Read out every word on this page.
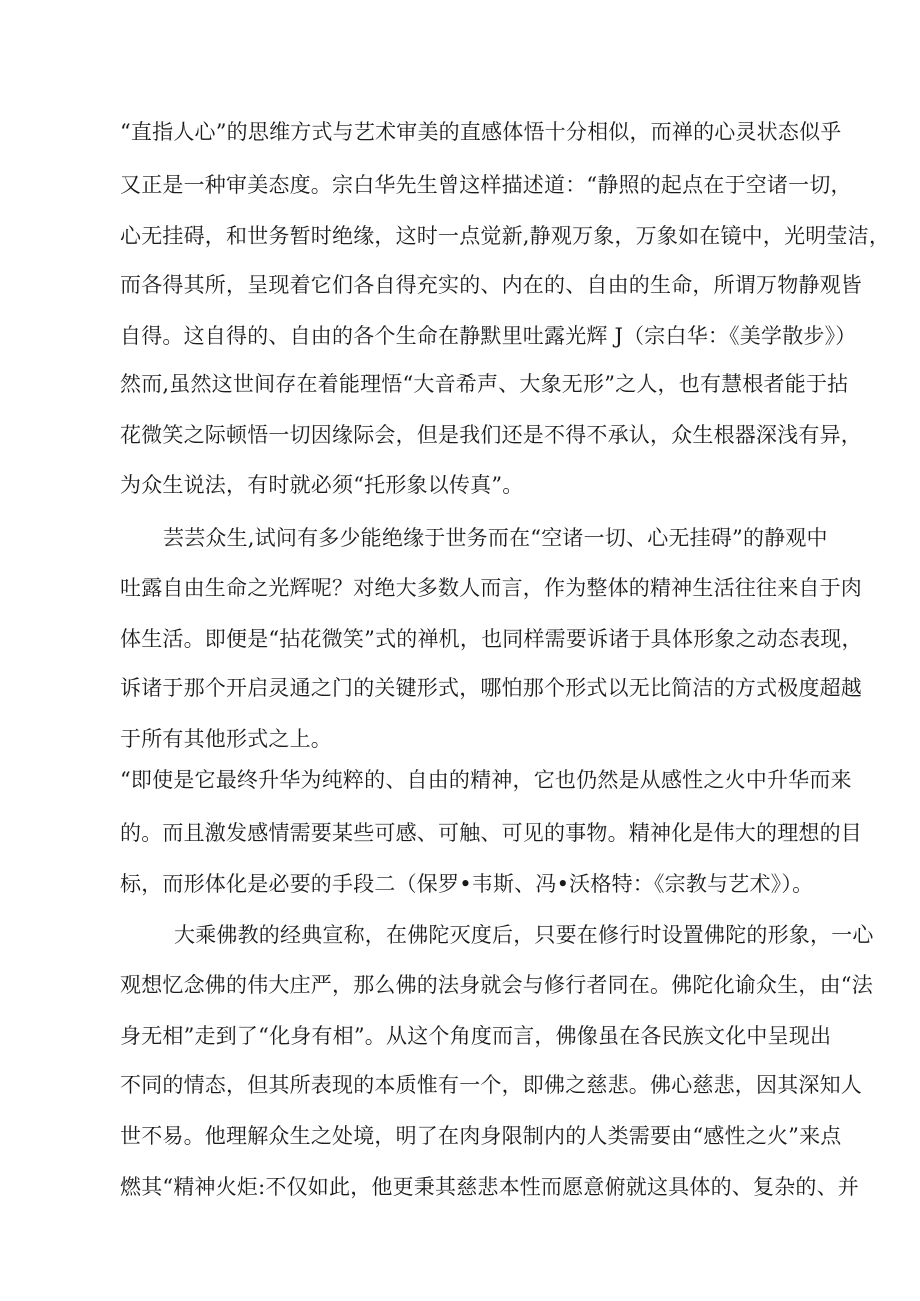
“直指人心”的思维方式与艺术审美的直感体悟十分相似，而禅的心灵状态似乎
又正是一种审美态度。宗白华先生曾这样描述道：“静照的起点在于空诸一切，
心无挂碍，和世务暂时绝缘，这时一点觉新,静观万象，万象如在镜中，光明莹洁，
而各得其所，呈现着它们各自得充实的、内在的、自由的生命，所谓万物静观皆
自得。这自得的、自由的各个生命在静默里吐露光辉 J（宗白华：《美学散步》）
然而,虽然这世间存在着能理悟“大音希声、大象无形”之人，也有慧根者能于拈
花微笑之际顿悟一切因缘际会，但是我们还是不得不承认，众生根器深浅有异，
为众生说法，有时就必须“托形象以传真”。
芸芸众生,试问有多少能绝缘于世务而在“空诸一切、心无挂碍”的静观中
吐露自由生命之光辉呢？对绝大多数人而言，作为整体的精神生活往往来自于肉
体生活。即便是“拈花微笑”式的禅机，也同样需要诉诸于具体形象之动态表现，
诉诸于那个开启灵通之门的关键形式，哪怕那个形式以无比简洁的方式极度超越
于所有其他形式之上。
“即使是它最终升华为纯粹的、自由的精神，它也仍然是从感性之火中升华而来
的。而且激发感情需要某些可感、可触、可见的事物。精神化是伟大的理想的目
标，而形体化是必要的手段二（保罗•韦斯、冯•沃格特：《宗教与艺术》）。
大乘佛教的经典宣称，在佛陀灭度后，只要在修行时设置佛陀的形象，一心
观想忆念佛的伟大庄严，那么佛的法身就会与修行者同在。佛陀化谕众生，由“法
身无相”走到了“化身有相”。从这个角度而言，佛像虽在各民族文化中呈现出
不同的情态，但其所表现的本质惟有一个，即佛之慈悲。佛心慈悲，因其深知人
世不易。他理解众生之处境，明了在肉身限制内的人类需要由“感性之火”来点
燃其“精神火炬:不仅如此，他更秉其慈悲本性而愿意俯就这具体的、复杂的、并
